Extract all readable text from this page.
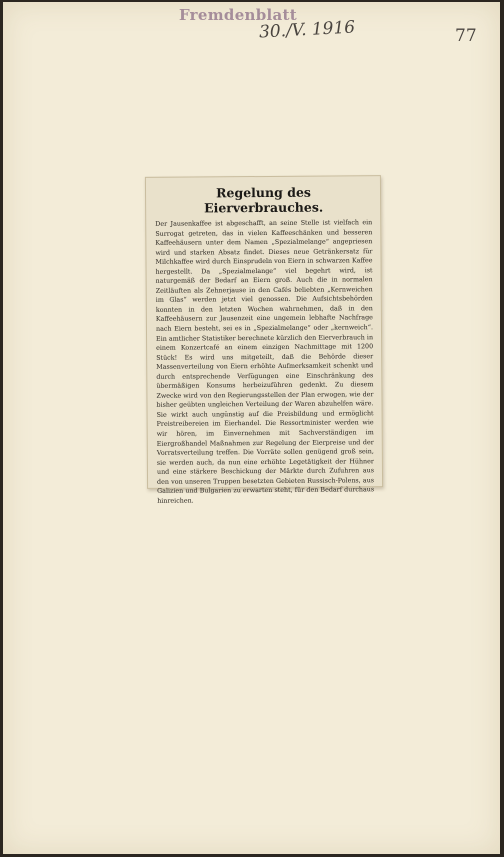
Fremdenblatt
30./V. 1916	77
Regelung des Eierverbrauches.

Der Jausenkaffee ist abgeschafft, an seine Stelle ist vielfach ein Surrogat getreten, das in vielen Kaffeeschänken und besseren Kaffeehäusern unter dem Namen „Spezialmelange“ angepriesen wird und starken Absatz findet. Dieses neue Getränkersatz für Milchkaffee wird durch Einsprudeln von Eiern in schwarzen Kaffee hergestellt. Da „Spezialmelange“ viel begehrt wird, ist naturgemäß der Bedarf an Eiern groß. Auch die in normalen Zeitläuften als Zehnerjause in den Cafés beliebten „Kernweichen im Glas“ werden jetzt viel genossen. Die Aufsichtsbehörden konnten in den letzten Wochen wahrnehmen, daß in den Kaffeehäusern zur Jausenzeit eine ungemein lebhafte Nachfrage nach Eiern besteht, sei es in „Spezialmelange“ oder „kernweich“. Ein amtlicher Statistiker berechnete kürzlich den Eierverbrauch in einem Konzertcafé an einem einzigen Nachmittage mit 1200 Stück! Es wird uns mitgeteilt, daß die Behörde dieser Massenverteilung von Eiern erhöhte Aufmerksamkeit schenkt und durch entsprechende Verfügungen eine Einschränkung des übermäßigen Konsums herbeizuführen gedenkt. Zu diesem Zwecke wird von den Regierungsstellen der Plan erwogen, wie der bisher geübten ungleichen Verteilung der Waren abzuhelfen wäre. Sie wirkt auch ungünstig auf die Preisbildung und ermöglicht Preistreibereien im Eierhandel. Die Ressortminister werden wie wir hören, im Einvernehmen mit Sachverständigen im Eiergroßhandel Maßnahmen zur Regelung der Eierpreise und der Vorratsverteilung treffen. Die Vorräte sollen genügend groß sein, sie werden auch, da nun eine erhöhte Legetätigkeit der Hühner und eine stärkere Beschickung der Märkte durch Zufuhren aus den von unseren Truppen besetzten Gebieten Russisch-Polens, aus Galizien und Bulgarien zu erwarten steht, für den Bedarf durchaus hinreichen.
